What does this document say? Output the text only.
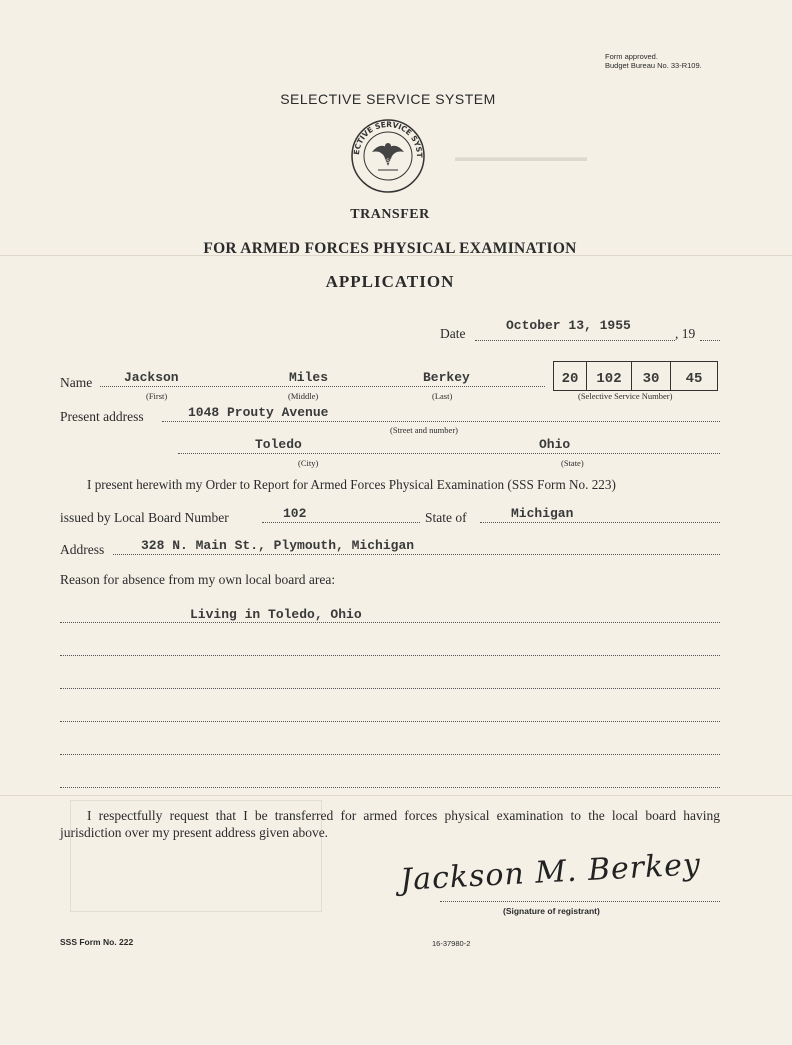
▬▬▬▬▬▬▬▬▬▬▬
Form approved.
Budget Bureau No. 33-R109.
SELECTIVE SERVICE SYSTEM
ECTIVE SERVICE SYST
SSS
TRANSFER
FOR ARMED FORCES PHYSICAL EXAMINATION
APPLICATION
Date
October 13, 1955
, 19
Name Jackson	Miles	Berkey
(First)	(Middle)	(Last)
20	102	30	45
(Selective Service Number)
Present address	1048 Prouty Avenue
(Street and number)
Toledo	Ohio
(City)	(State)
I present herewith my Order to Report for Armed Forces Physical Examination (SSS Form No. 223)
issued by Local Board Number	102	State of	Michigan
Address	328 N. Main St., Plymouth, Michigan
Reason for absence from my own local board area:
Living in Toledo, Ohio
I respectfully request that I be transferred for armed forces physical examination to the local board having jurisdiction over my present address given above.
Jackson M. Berkey
(Signature of registrant)
SSS Form No. 222	16-37980-2
